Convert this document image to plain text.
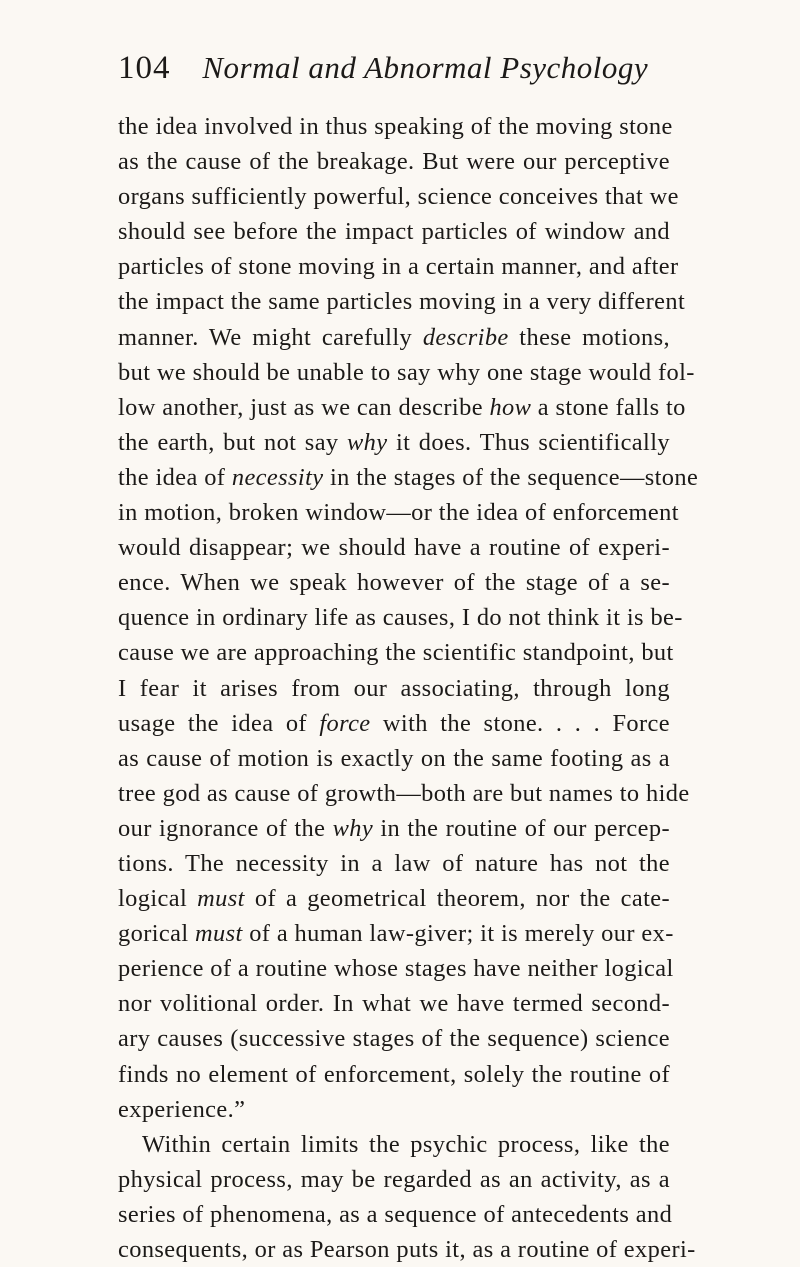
104	Normal and Abnormal Psychology
the idea involved in thus speaking of the moving stone
as the cause of the breakage. But were our perceptive
organs sufficiently powerful, science conceives that we
should see before the impact particles of window and
particles of stone moving in a certain manner, and after
the impact the same particles moving in a very different
manner. We might carefully describe these motions,
but we should be unable to say why one stage would fol-
low another, just as we can describe how a stone falls to
the earth, but not say why it does. Thus scientifically
the idea of necessity in the stages of the sequence—stone
in motion, broken window—or the idea of enforcement
would disappear; we should have a routine of experi-
ence. When we speak however of the stage of a se-
quence in ordinary life as causes, I do not think it is be-
cause we are approaching the scientific standpoint, but
I fear it arises from our associating, through long
usage the idea of force with the stone. . . . Force
as cause of motion is exactly on the same footing as a
tree god as cause of growth—both are but names to hide
our ignorance of the why in the routine of our percep-
tions. The necessity in a law of nature has not the
logical must of a geometrical theorem, nor the cate-
gorical must of a human law-giver; it is merely our ex-
perience of a routine whose stages have neither logical
nor volitional order. In what we have termed second-
ary causes (successive stages of the sequence) science
finds no element of enforcement, solely the routine of
experience.”
Within certain limits the psychic process, like the
physical process, may be regarded as an activity, as a
series of phenomena, as a sequence of antecedents and
consequents, or as Pearson puts it, as a routine of experi-
